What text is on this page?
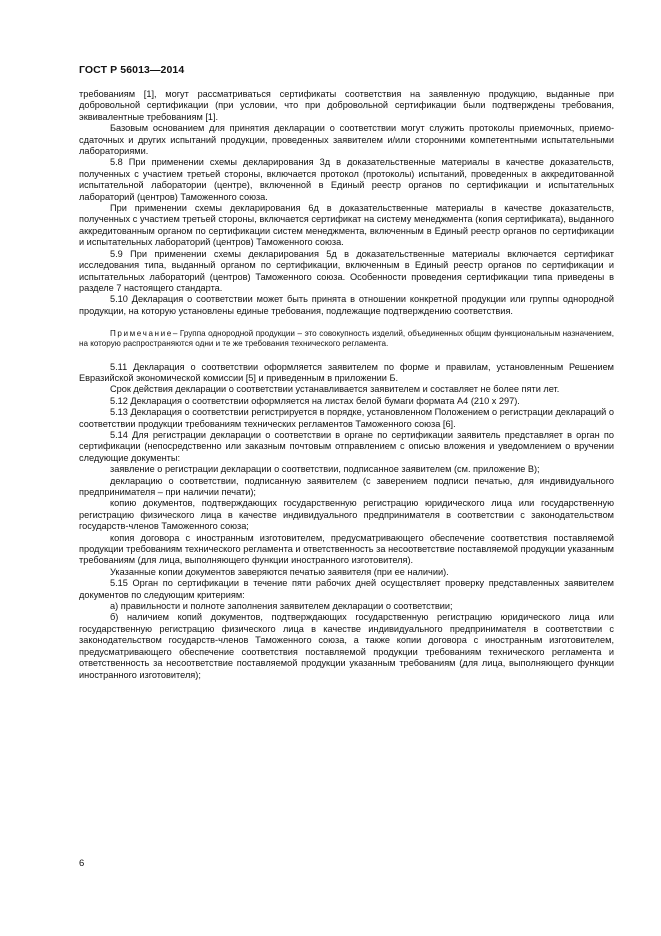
ГОСТ Р 56013—2014

требованиям [1], могут рассматриваться сертификаты соответствия на заявленную продукцию, выданные при добровольной сертификации (при условии, что при добровольной сертификации были подтверждены требования, эквивалентные требованиям [1].

Базовым основанием для принятия декларации о соответствии могут служить протоколы приемочных, приемо-сдаточных и других испытаний продукции, проведенных заявителем и/или сторонними компетентными испытательными лабораториями.

5.8 При применении схемы декларирования 3д в доказательственные материалы в качестве доказательств, полученных с участием третьей стороны, включается протокол (протоколы) испытаний, проведенных в аккредитованной испытательной лаборатории (центре), включенной в Единый реестр органов по сертификации и испытательных лабораторий (центров) Таможенного союза.

При применении схемы декларирования 6д в доказательственные материалы в качестве доказательств, полученных с участием третьей стороны, включается сертификат на систему менеджмента (копия сертификата), выданного аккредитованным органом по сертификации систем менеджмента, включенным в Единый реестр органов по сертификации и испытательных лабораторий (центров) Таможенного союза.

5.9 При применении схемы декларирования 5д в доказательственные материалы включается сертификат исследования типа, выданный органом по сертификации, включенным в Единый реестр органов по сертификации и испытательных лабораторий (центров) Таможенного союза. Особенности проведения сертификации типа приведены в разделе 7 настоящего стандарта.

5.10 Декларация о соответствии может быть принята в отношении конкретной продукции или группы однородной продукции, на которую установлены единые требования, подлежащие подтверждению соответствия.

Примечание– Группа однородной продукции – это совокупность изделий, объединенных общим функциональным назначением, на которую распространяются одни и те же требования технического регламента.

5.11 Декларация о соответствии оформляется заявителем по форме и правилам, установленным Решением Евразийской экономической комиссии [5] и приведенным в приложении Б.

Срок действия декларации о соответствии устанавливается заявителем и составляет не более пяти лет.

5.12 Декларация о соответствии оформляется на листах белой бумаги формата А4 (210 х 297).

5.13 Декларация о соответствии регистрируется в порядке, установленном Положением о регистрации деклараций о соответствии продукции требованиям технических регламентов Таможенного союза [6].

5.14 Для регистрации декларации о соответствии в органе по сертификации заявитель представляет в орган по сертификации (непосредственно или заказным почтовым отправлением с описью вложения и уведомлением о вручении следующие документы:

заявление о регистрации декларации о соответствии, подписанное заявителем (см. приложение В);

декларацию о соответствии, подписанную заявителем (с заверением подписи печатью, для индивидуального предпринимателя – при наличии печати);

копию документов, подтверждающих государственную регистрацию юридического лица или государственную регистрацию физического лица в качестве индивидуального предпринимателя в соответствии с законодательством государств-членов Таможенного союза;

копия договора с иностранным изготовителем, предусматривающего обеспечение соответствия поставляемой продукции требованиям технического регламента и ответственность за несоответствие поставляемой продукции указанным требованиям (для лица, выполняющего функции иностранного изготовителя).

Указанные копии документов заверяются печатью заявителя (при ее наличии).

5.15 Орган по сертификации в течение пяти рабочих дней осуществляет проверку представленных заявителем документов по следующим критериям:

а) правильности и полноте заполнения заявителем декларации о соответствии;

б) наличием копий документов, подтверждающих государственную регистрацию юридического лица или государственную регистрацию физического лица в качестве индивидуального предпринимателя в соответствии с законодательством государств-членов Таможенного союза, а также копии договора с иностранным изготовителем, предусматривающего обеспечение соответствия поставляемой продукции требованиям технического регламента и ответственность за несоответствие поставляемой продукции указанным требованиям (для лица, выполняющего функции иностранного изготовителя);

6
